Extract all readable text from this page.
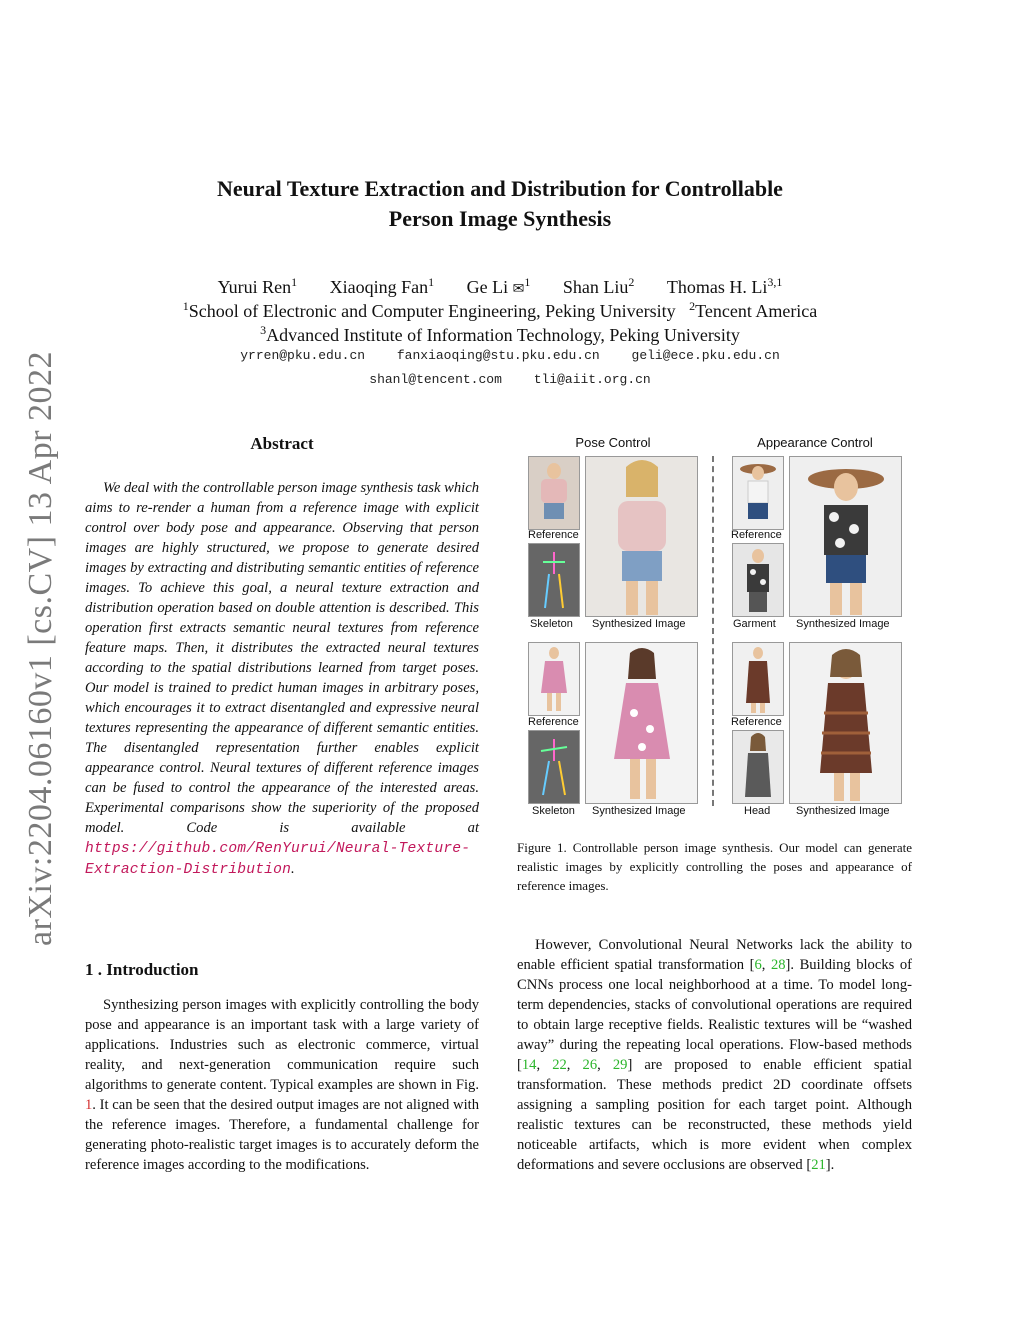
arXiv:2204.06160v1 [cs.CV] 13 Apr 2022
Neural Texture Extraction and Distribution for Controllable
Person Image Synthesis
Yurui Ren$^1$ Xiaoqing Fan$^1$ Ge Li ✉$^1$ Shan Liu$^2$ Thomas H. Li$^{3,1}$
$^1$School of Electronic and Computer Engineering, Peking University $^2$Tencent America
$^3$Advanced Institute of Information Technology, Peking University
yrren@pku.edu.cn fanxiaoqing@stu.pku.edu.cn geli@ece.pku.edu.cn
shanl@tencent.com tli@aiit.org.cn
Abstract
We deal with the controllable person image synthesis task which aims to re-render a human from a reference image with explicit control over body pose and appearance. Observing that person images are highly structured, we propose to generate desired images by extracting and distributing semantic entities of reference images. To achieve this goal, a neural texture extraction and distribution operation based on double attention is described. This operation first extracts semantic neural textures from reference feature maps. Then, it distributes the extracted neural textures according to the spatial distributions learned from target poses. Our model is trained to predict human images in arbitrary poses, which encourages it to extract disentangled and expressive neural textures representing the appearance of different semantic entities. The disentangled representation further enables explicit appearance control. Neural textures of different reference images can be fused to control the appearance of the interested areas. Experimental comparisons show the superiority of the proposed model. Code is available at https://github.com/RenYurui/Neural-Texture-Extraction-Distribution.
Pose Control	Appearance Control
Reference
Skeleton Synthesized Image
Reference
Skeleton Synthesized Image
Reference
Garment Synthesized Image
Reference
Head Synthesized Image
Figure 1. Controllable person image synthesis. Our model can generate realistic images by explicitly controlling the poses and appearance of reference images.
1 . Introduction
Synthesizing person images with explicitly controlling the body pose and appearance is an important task with a large variety of applications. Industries such as electronic commerce, virtual reality, and next-generation communication require such algorithms to generate content. Typical examples are shown in Fig. 1. It can be seen that the desired output images are not aligned with the reference images. Therefore, a fundamental challenge for generating photo-realistic target images is to accurately deform the reference images according to the modifications.
However, Convolutional Neural Networks lack the ability to enable efficient spatial transformation [6, 28]. Building blocks of CNNs process one local neighborhood at a time. To model long-term dependencies, stacks of convolutional operations are required to obtain large receptive fields. Realistic textures will be “washed away” during the repeating local operations. Flow-based methods [14, 22, 26, 29] are proposed to enable efficient spatial transformation. These methods predict 2D coordinate offsets assigning a sampling position for each target point. Although realistic textures can be reconstructed, these methods yield noticeable artifacts, which is more evident when complex deformations and severe occlusions are observed [21].
